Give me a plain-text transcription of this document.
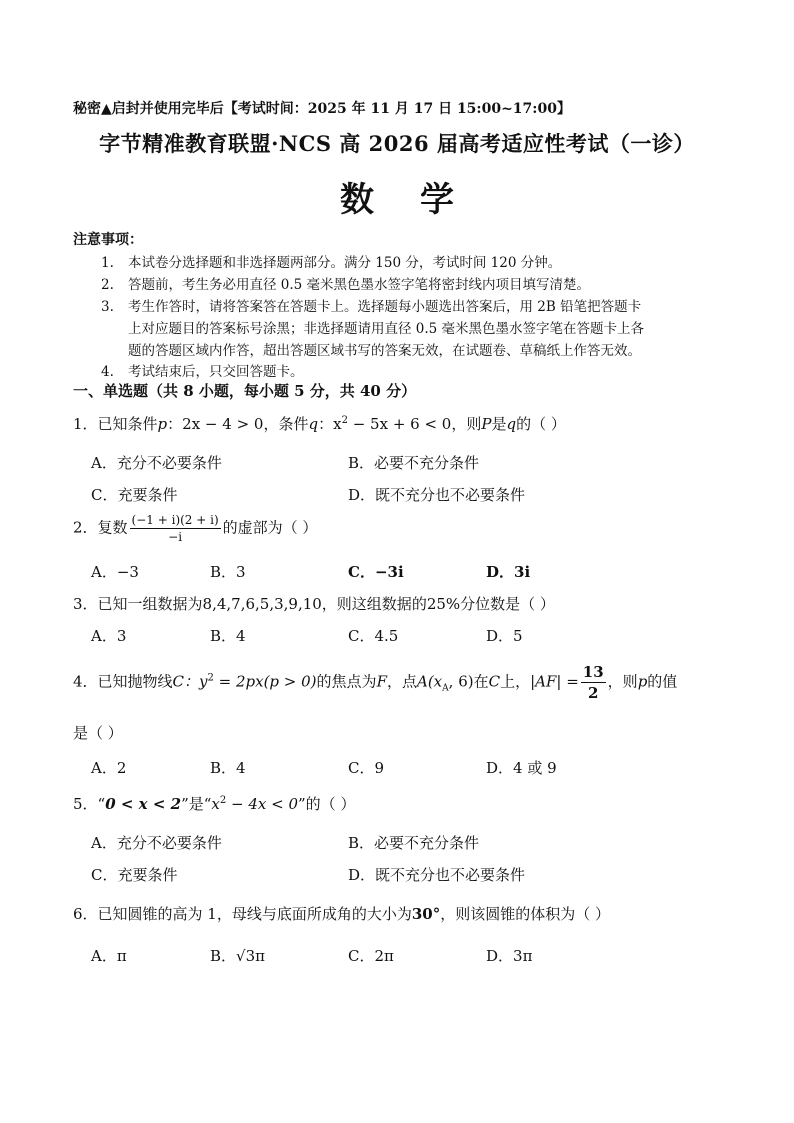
秘密▲启封并使用完毕后【考试时间：2025 年 11 月 17 日 15:00~17:00】
字节精准教育联盟·NCS 高 2026 届高考适应性考试（一诊）
数学
注意事项：
1. 本试卷分选择题和非选择题两部分。满分 150 分，考试时间 120 分钟。
2. 答题前，考生务必用直径 0.5 毫米黑色墨水签字笔将密封线内项目填写清楚。
3. 考生作答时，请将答案答在答题卡上。选择题每小题选出答案后，用 2B 铅笔把答题卡
上对应题目的答案标号涂黑；非选择题请用直径 0.5 毫米黑色墨水签字笔在答题卡上各
题的答题区域内作答，超出答题区域书写的答案无效，在试题卷、草稿纸上作答无效。
4. 考试结束后，只交回答题卡。
一、单选题（共 8 小题，每小题 5 分，共 40 分）
1．已知条件p：2x − 4 > 0，条件q：$x^2 - 5x + 6 < 0$，则P是q的（ ）
A．充分不必要条件	B．必要不充分条件
C．充要条件	D．既不充分也不必要条件
2．复数 $\frac{(-1 + i)(2 + i)}{-i}$ 的虚部为（ ）
A．−3	B．3	C．−3i	D．3i
3．已知一组数据为8,4,7,6,5,3,9,10，则这组数据的25%分位数是（ ）
A．3	B．4	C．4.5	D．5
4．已知抛物线C：$y^2 = 2px(p > 0)$的焦点为F，点$A(x_A$, 6)在C上，$|AF| = \frac{13}{2}$ ，则p的值
是（ ）
A．2	B．4	C．9	D．4 或 9
5．“0 < x < 2”是“$x^2 - 4x < 0$”的（ ）
A．充分不必要条件	B．必要不充分条件
C．充要条件	D．既不充分也不必要条件
6．已知圆锥的高为 1，母线与底面所成角的大小为30°，则该圆锥的体积为（ ）
A．π	B．√3π	C．2π	D．3π
